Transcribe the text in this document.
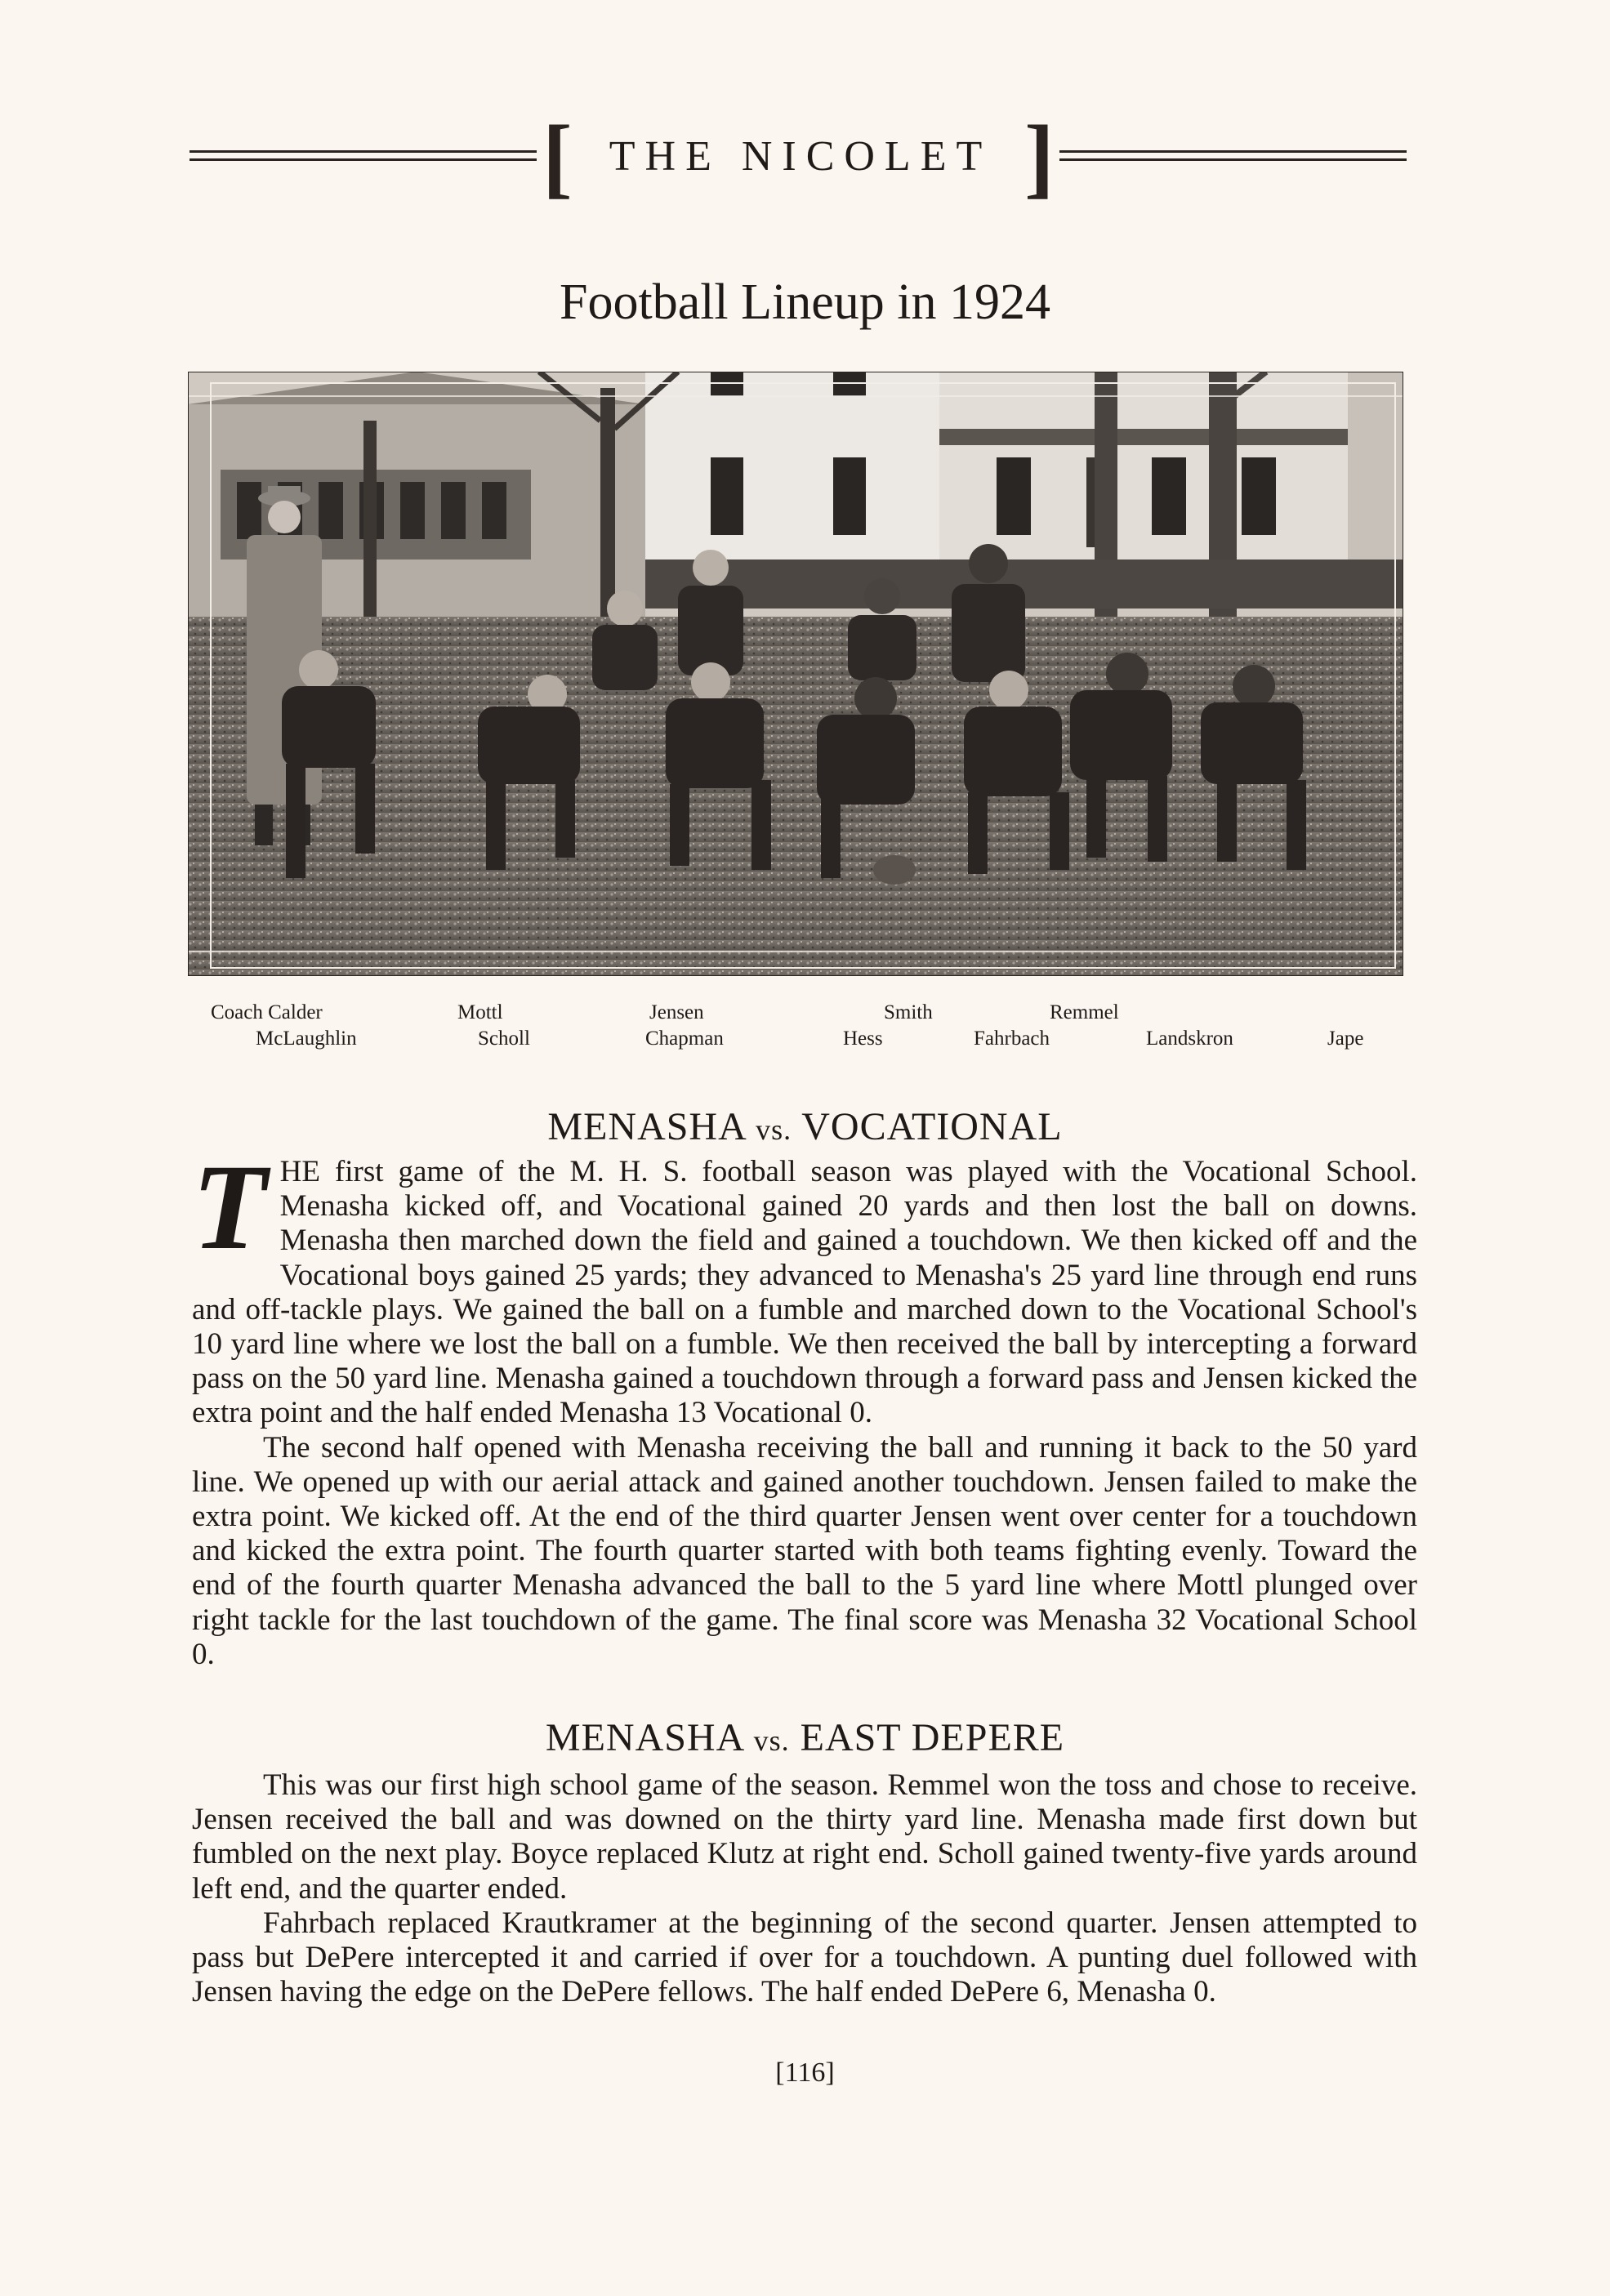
[ THE NICOLET ]
Football Lineup in 1924
Coach Calder	Mottl	Jensen	Smith	Remmel
McLaughlin	Scholl	Chapman	Hess	Fahrbach	Landskron	Jape
MENASHA vs. VOCATIONAL

THE first game of the M. H. S. football season was played with the Vocational School. Menasha kicked off, and Vocational gained 20 yards and then lost the ball on downs. Menasha then marched down the field and gained a touchdown. We then kicked off and the Vocational boys gained 25 yards; they advanced to Menasha's 25 yard line through end runs and off-tackle plays. We gained the ball on a fumble and marched down to the Vocational School's 10 yard line where we lost the ball on a fumble. We then received the ball by intercepting a forward pass on the 50 yard line. Menasha gained a touchdown through a forward pass and Jensen kicked the extra point and the half ended Menasha 13 Vocational 0.

The second half opened with Menasha receiving the ball and running it back to the 50 yard line. We opened up with our aerial attack and gained another touchdown. Jensen failed to make the extra point. We kicked off. At the end of the third quarter Jensen went over center for a touchdown and kicked the extra point. The fourth quarter started with both teams fighting evenly. Toward the end of the fourth quarter Menasha advanced the ball to the 5 yard line where Mottl plunged over right tackle for the last touchdown of the game. The final score was Menasha 32 Vocational School 0.

MENASHA vs. EAST DEPERE

This was our first high school game of the season. Remmel won the toss and chose to receive. Jensen received the ball and was downed on the thirty yard line. Menasha made first down but fumbled on the next play. Boyce replaced Klutz at right end. Scholl gained twenty-five yards around left end, and the quarter ended.

Fahrbach replaced Krautkramer at the beginning of the second quarter. Jensen attempted to pass but DePere intercepted it and carried if over for a touchdown. A punting duel followed with Jensen having the edge on the DePere fellows. The half ended DePere 6, Menasha 0.

[116]
